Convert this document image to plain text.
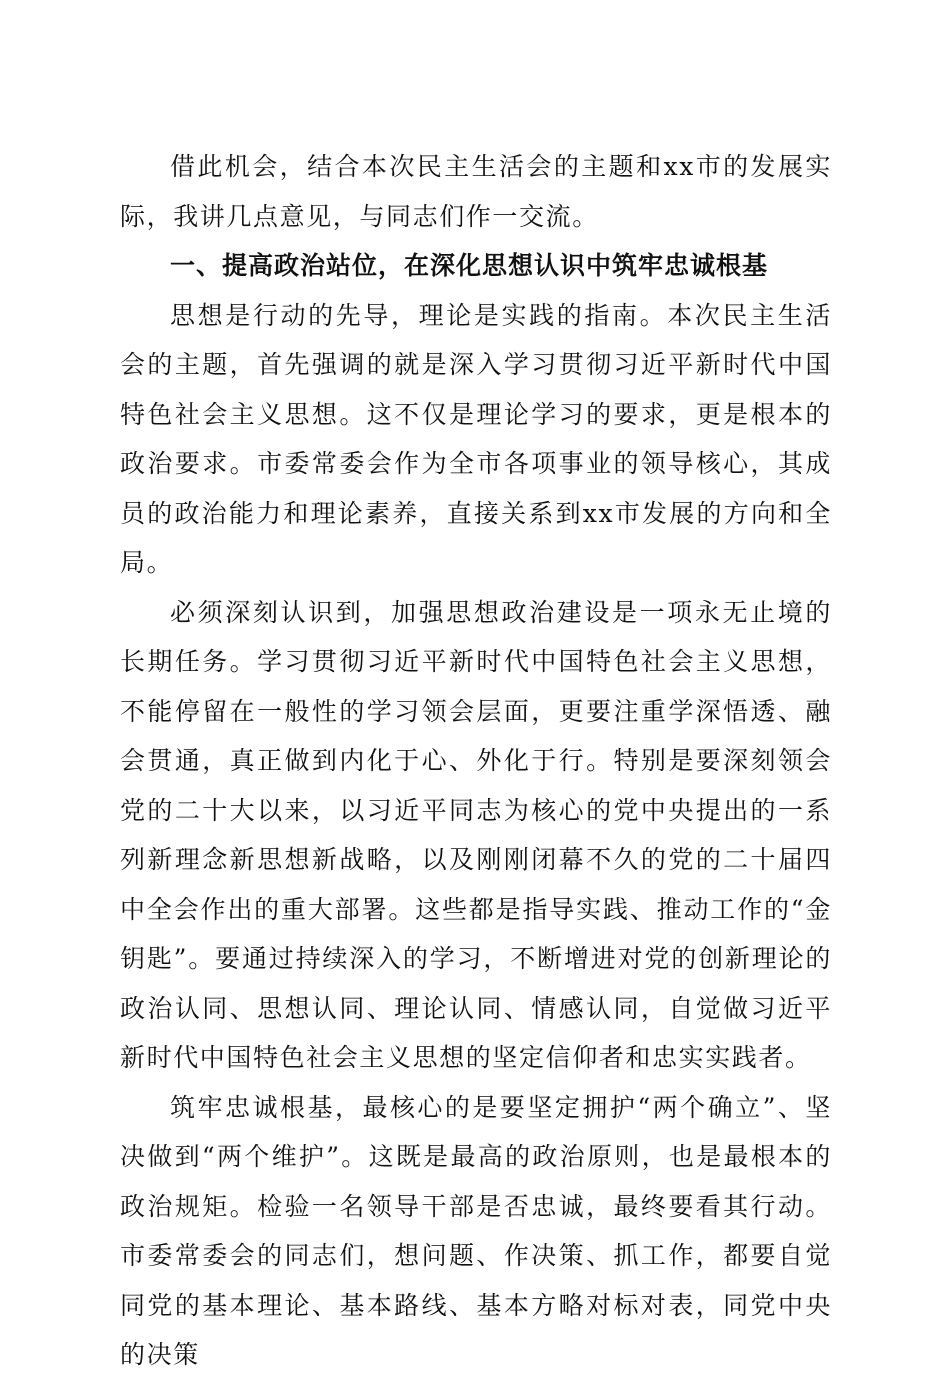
借此机会，结合本次民主生活会的主题和xx市的发展实际，我讲几点意见，与同志们作一交流。

一、提高政治站位，在深化思想认识中筑牢忠诚根基

思想是行动的先导，理论是实践的指南。本次民主生活会的主题，首先强调的就是深入学习贯彻习近平新时代中国特色社会主义思想。这不仅是理论学习的要求，更是根本的政治要求。市委常委会作为全市各项事业的领导核心，其成员的政治能力和理论素养，直接关系到xx市发展的方向和全局。

必须深刻认识到，加强思想政治建设是一项永无止境的长期任务。学习贯彻习近平新时代中国特色社会主义思想，不能停留在一般性的学习领会层面，更要注重学深悟透、融会贯通，真正做到内化于心、外化于行。特别是要深刻领会党的二十大以来，以习近平同志为核心的党中央提出的一系列新理念新思想新战略，以及刚刚闭幕不久的党的二十届四中全会作出的重大部署。这些都是指导实践、推动工作的“金钥匙”。要通过持续深入的学习，不断增进对党的创新理论的政治认同、思想认同、理论认同、情感认同，自觉做习近平新时代中国特色社会主义思想的坚定信仰者和忠实实践者。

筑牢忠诚根基，最核心的是要坚定拥护“两个确立”、坚决做到“两个维护”。这既是最高的政治原则，也是最根本的政治规矩。检验一名领导干部是否忠诚，最终要看其行动。市委常委会的同志们，想问题、作决策、抓工作，都要自觉同党的基本理论、基本路线、基本方略对标对表，同党中央的决策
